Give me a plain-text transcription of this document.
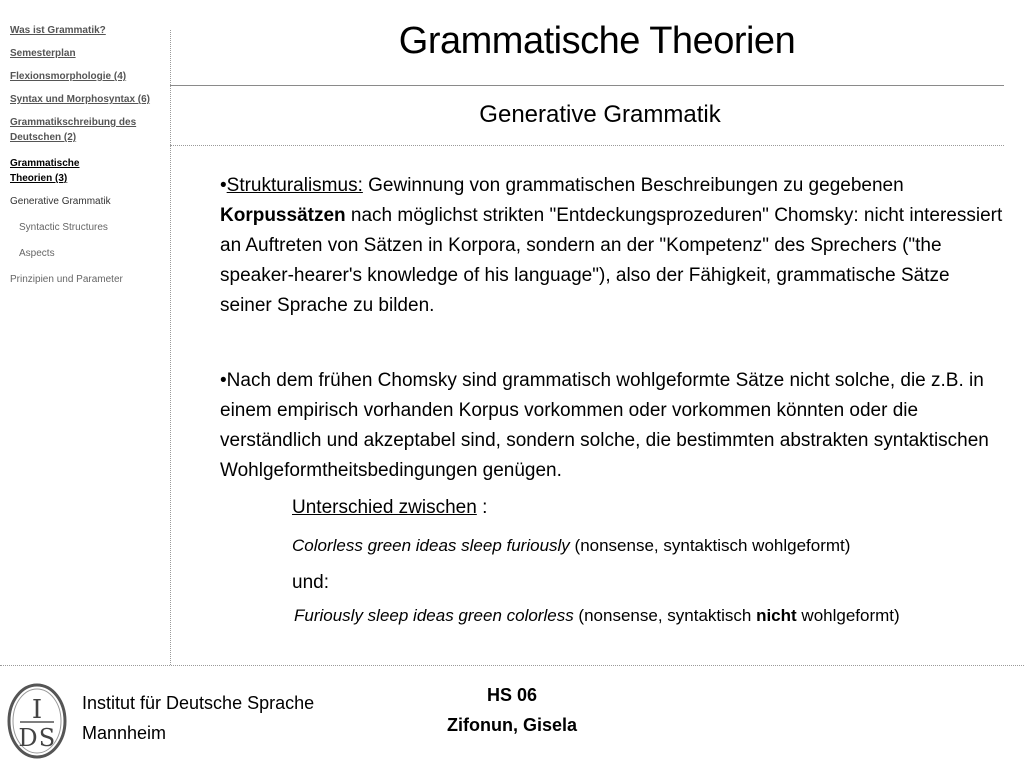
Was ist Grammatik?
Semesterplan
Flexionsmorphologie (4)
Syntax und Morphosyntax (6)
Grammatikschreibung des Deutschen (2)
Grammatische Theorien (3)
Generative Grammatik
Syntactic Structures
Aspects
Prinzipien und Parameter
Grammatische Theorien
Generative Grammatik
•Strukturalismus: Gewinnung von grammatischen Beschreibungen zu gegebenen Korpussätzen nach möglichst strikten "Entdeckungsprozeduren" Chomsky: nicht interessiert an Auftreten von Sätzen in Korpora, sondern an der "Kompetenz" des Sprechers ("the speaker-hearer's knowledge of his language"), also der Fähigkeit, grammatische Sätze seiner Sprache zu bilden.
•Nach dem frühen Chomsky sind grammatisch wohlgeformte Sätze nicht solche, die z.B. in einem empirisch vorhanden Korpus vorkommen oder vorkommen könnten oder die verständlich und akzeptabel sind, sondern solche, die bestimmten abstrakten syntaktischen Wohlgeformtheitsbedingungen genügen.
Unterschied zwischen :
Colorless green ideas sleep furiously (nonsense, syntaktisch wohlgeformt)
und:
Furiously sleep ideas green colorless (nonsense, syntaktisch nicht wohlgeformt)
I
D S
Institut für Deutsche Sprache
Mannheim
HS 06
Zifonun, Gisela
